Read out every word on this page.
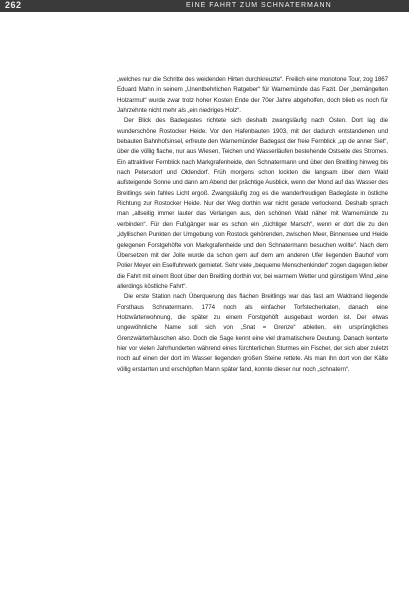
262	EINE FAHRT ZUM SCHNATERMANN

„welches nur die Schritte des weidenden Hirten durchkreuzte“. Freilich eine monotone Tour, zog 1867 Eduard Mahn in seinem „Unentbehrlichen Ratgeber“ für Warnemünde das Fazit. Der „bemängelten Holzarmut“ wurde zwar trotz hoher Kosten Ende der 70er Jahre abgeholfen, doch blieb es noch für Jahrzehnte nicht mehr als „ein niedriges Holz“.

Der Blick des Badegastes richtete sich deshalb zwangsläufig nach Osten. Dort lag die wunderschöne Rostocker Heide. Vor den Hafenbauten 1903, mit der dadurch entstandenen und bebauten Bahnhofsinsel, erfreute den Warnemünder Badegast der freie Fernblick „up de anner Siet“, über die völlig flache, nur aus Wiesen, Teichen und Wasserläufen bestehende Ostseite des Stromes. Ein attraktiver Fernblick nach Markgrafenheide, den Schnatermann und über den Breitling hinweg bis nach Petersdorf und Oldendorf. Früh morgens schon lockten die langsam über dem Wald aufsteigende Sonne und dann am Abend der prächtige Ausblick, wenn der Mond auf das Wasser des Breitlings sein fahles Licht ergoß. Zwangsläufig zog es die wanderfreudigen Badegäste in östliche Richtung zur Rostocker Heide. Nur der Weg dorthin war nicht gerade verlockend. Deshalb sprach man „allseitig immer lauter das Verlangen aus, den schönen Wald näher mit Warnemünde zu verbinden“. Für den Fußgänger war es schon ein „tüchtiger Marsch“, wenn er dort die zu den „idyllischen Punkten der Umgebung von Rostock gehörenden, zwischen Meer, Binnensee und Heide gelegenen Forstgehöfte von Markgrafenheide und den Schnatermann besuchen wollte“. Nach dem Übersetzen mit der Jolle wurde da schon gern auf dem am anderen Ufer liegenden Bauhof vom Polier Meyer ein Eselfuhrwerk gemietet. Sehr viele „bequeme Menschenkinder“ zogen dagegen lieber die Fahrt mit einem Boot über den Breitling dorthin vor, bei warmem Wetter und günstigem Wind „eine allerdings köstliche Fahrt“.

Die erste Station nach Überquerung des flachen Breitlings war das fast am Waldrand liegende Forsthaus Schnatermann. 1774 noch als einfacher Torfstecherkaten, danach eine Holzwärterwohnung, die später zu einem Forstgehöft ausgebaut worden ist. Der etwas ungewöhnliche Name soll sich von „Snat = Grenze“ ableiten, ein ursprüngliches Grenzwärterhäuschen also. Doch die Sage kennt eine viel dramatischere Deutung. Danach kenterte hier vor vielen Jahrhunderten während eines fürchterlichen Sturmes ein Fischer, der sich aber zuletzt noch auf einen der dort im Wasser liegenden großen Steine rettete. Als man ihn dort von der Kälte völlig erstarrten und erschöpften Mann später fand, konnte dieser nur noch „schnatern“.
